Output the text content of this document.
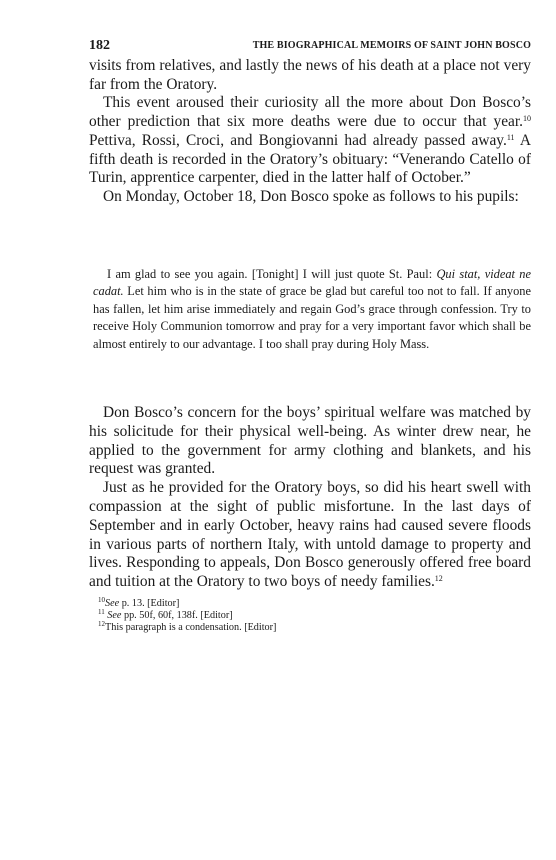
182	THE BIOGRAPHICAL MEMOIRS OF SAINT JOHN BOSCO

visits from relatives, and lastly the news of his death at a place not very far from the Oratory.

This event aroused their curiosity all the more about Don Bosco’s other prediction that six more deaths were due to occur that year.$^{10}$ Pettiva, Rossi, Croci, and Bongiovanni had already passed away.$^{11}$ A fifth death is recorded in the Oratory’s obituary: “Venerando Catello of Turin, apprentice carpenter, died in the latter half of October.”

On Monday, October 18, Don Bosco spoke as follows to his pupils:

I am glad to see you again. [Tonight] I will just quote St. Paul: Qui stat, videat ne cadat. Let him who is in the state of grace be glad but careful too not to fall. If anyone has fallen, let him arise immediately and regain God’s grace through confession. Try to receive Holy Communion tomorrow and pray for a very important favor which shall be almost entirely to our advantage. I too shall pray during Holy Mass.

Don Bosco’s concern for the boys’ spiritual welfare was matched by his solicitude for their physical well-being. As winter drew near, he applied to the government for army clothing and blankets, and his request was granted.

Just as he provided for the Oratory boys, so did his heart swell with compassion at the sight of public misfortune. In the last days of September and in early October, heavy rains had caused severe floods in various parts of northern Italy, with untold damage to property and lives. Responding to appeals, Don Bosco generously offered free board and tuition at the Oratory to two boys of needy families.$^{12}$

$^{10}$See p. 13. [Editor]

$^{11}$ See pp. 50f, 60f, 138f. [Editor]

$^{12}$This paragraph is a condensation. [Editor]
